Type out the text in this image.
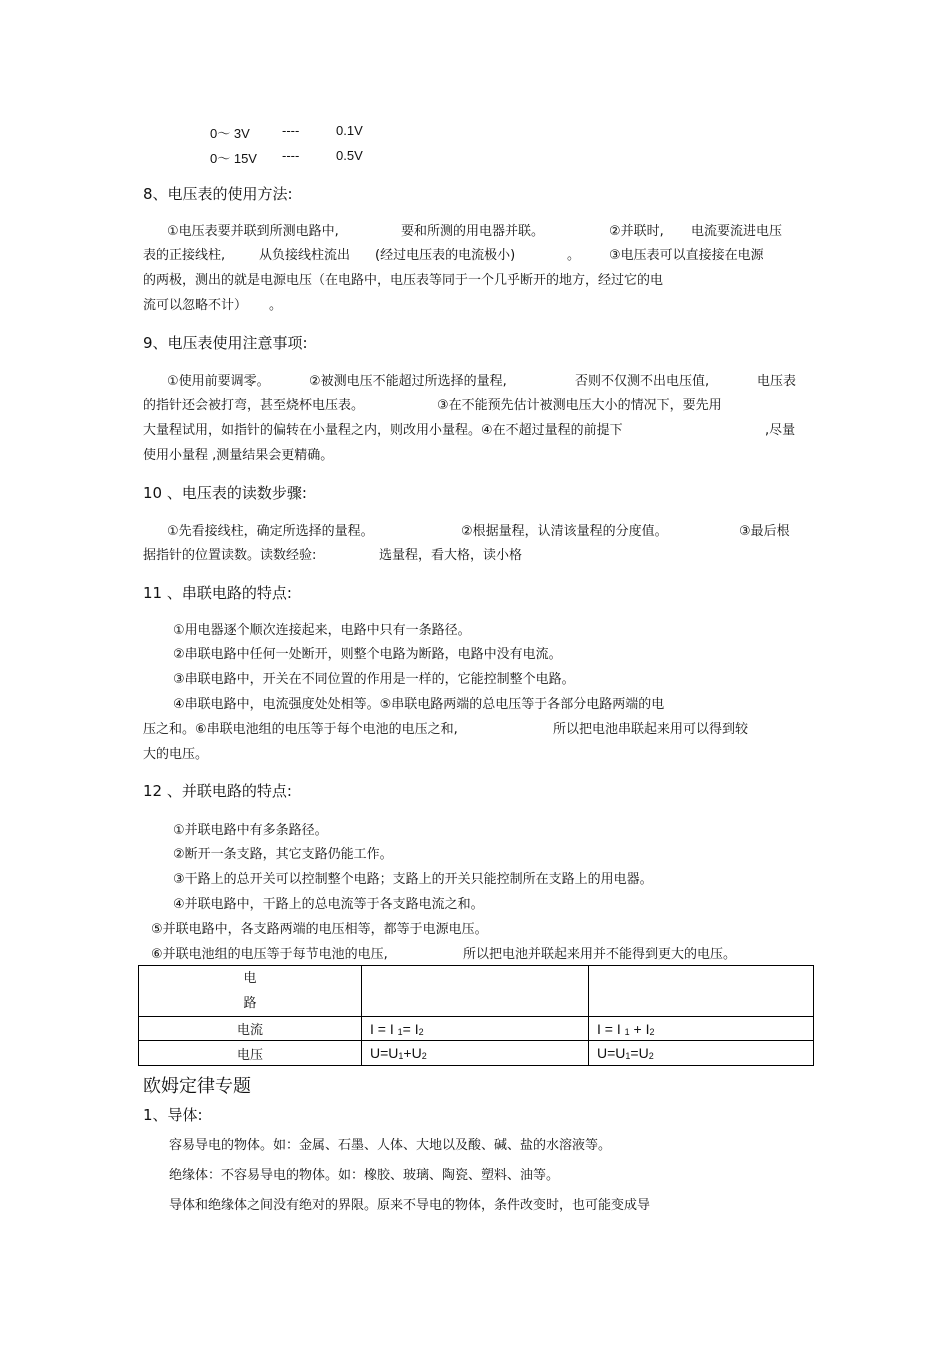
0～ 3V ----	0.1V
0～ 15V ----	0.5V
8、电压表的使用方法:
①电压表要并联到所测电路中,	要和所测的用电器并联。	②并联时, 电流要流进电压
表的正接线柱,	从负接线柱流出 (经过电压表的电流极小)	。 ③电压表可以直接接在电源
的两极，测出的就是电源电压（在电路中，电压表等同于一个几乎断开的地方，经过它的电
流可以忽略不计） 。
9、电压表使用注意事项:
①使用前要调零。	②被测电压不能超过所选择的量程,	否则不仅测不出电压值,	电压表
的指针还会被打弯，甚至烧杯电压表。	③在不能预先估计被测电压大小的情况下，要先用
大量程试用，如指针的偏转在小量程之内，则改用小量程。④在不超过量程的前提下	,尽量
使用小量程 ,测量结果会更精确。
10 、电压表的读数步骤:
①先看接线柱，确定所选择的量程。	②根据量程，认清该量程的分度值。	③最后根
据指针的位置读数。读数经验:	选量程，看大格，读小格
11 、串联电路的特点:
①用电器逐个顺次连接起来，电路中只有一条路径。
②串联电路中任何一处断开，则整个电路为断路，电路中没有电流。
③串联电路中，开关在不同位置的作用是一样的，它能控制整个电路。
④串联电路中，电流强度处处相等。⑤串联电路两端的总电压等于各部分电路两端的电
压之和。⑥串联电池组的电压等于每个电池的电压之和,	所以把电池串联起来用可以得到较
大的电压。
12 、并联电路的特点:
①并联电路中有多条路径。
②断开一条支路，其它支路仍能工作。
③干路上的总开关可以控制整个电路；支路上的开关只能控制所在支路上的用电器。
④并联电路中，干路上的总电流等于各支路电流之和。
⑤并联电路中，各支路两端的电压相等，都等于电源电压。
⑥并联电池组的电压等于每节电池的电压,	所以把电池并联起来用并不能得到更大的电压。
电
路		

电流	I = I $_1= I_2$	I = I $_1 + I_2$
电压	$U=U_1+U_2$	$U=U_1=U_2$
欧姆定律专题
1、导体:
容易导电的物体。如：金属、石墨、人体、大地以及酸、碱、盐的水溶液等。
绝缘体：不容易导电的物体。如：橡胶、玻璃、陶瓷、塑料、油等。
导体和绝缘体之间没有绝对的界限。原来不导电的物体，条件改变时，也可能变成导
